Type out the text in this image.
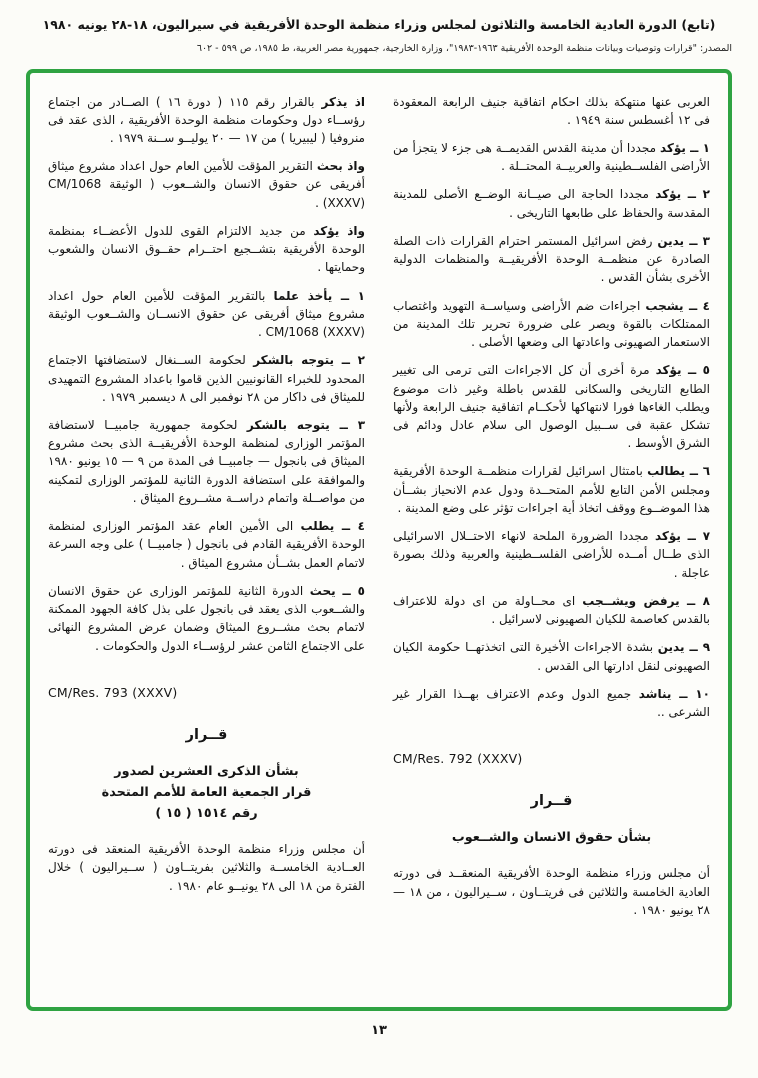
(تابع) الدورة العادية الخامسة والثلاثون لمجلس وزراء منظمة الوحدة الأفريقية في سيراليون، ١٨-٢٨ يونيه ١٩٨٠
المصدر: "قرارات وتوصيات وبيانات منظمة الوحدة الأفريقية ١٩٦٣-١٩٨٣"، وزارة الخارجية، جمهورية مصر العربية، ط ١٩٨٥، ص ٥٩٩ - ٦٠٢

العربى عنها منتهكة بذلك احكام اتفاقية جنيف الرابعة المعقودة فى ١٢ أغسطس سنة ١٩٤٩ .

١ ــ يؤكد مجددا أن مدينة القدس القديمــة هى جزء لا يتجزأ من الأراضى الفلســطينية والعربيــة المحتــلة .

٢ ــ يؤكد مجددا الحاجة الى صيــانة الوضــع الأصلى للمدينة المقدسة والحفاظ على طابعها التاريخى .

٣ ــ يدين رفض اسرائيل المستمر احترام القرارات ذات الصلة الصادرة عن منظمــة الوحدة الأفريقيــة والمنظمات الدولية الأخرى بشأن القدس .

٤ ــ يشجب اجراءات ضم الأراضى وسياســة التهويد واغتصاب الممتلكات بالقوة ويصر على ضرورة تحرير تلك المدينة من الاستعمار الصهيونى واعادتها الى وضعها الأصلى .

٥ ــ يؤكد مرة أخرى أن كل الاجراءات التى ترمى الى تغيير الطابع التاريخى والسكانى للقدس باطلة وغير ذات موضوع ويطلب الغاءها فورا لانتهاكها لأحكــام اتفاقية جنيف الرابعة ولأنها تشكل عقبة فى ســبيل الوصول الى سلام عادل ودائم فى الشرق الأوسط .

٦ ــ يطالب بامتثال اسرائيل لقرارات منظمــة الوحدة الأفريقية ومجلس الأمن التابع للأمم المتحــدة ودول عدم الانحياز بشــأن هذا الموضــوع ووقف اتخاذ أية اجراءات تؤثر على وضع المدينة .

٧ ــ يؤكد مجددا الضرورة الملحة لانهاء الاحتــلال الاسرائيلى الذى طــال أمــده للأراضى الفلســطينية والعربية وذلك بصورة عاجلة .

٨ ــ يرفض ويشــجب اى محــاولة من اى دولة للاعتراف بالقدس كعاصمة للكيان الصهيونى لاسرائيل .

٩ ــ يدين بشدة الاجراءات الأخيرة التى اتخذتهــا حكومة الكيان الصهيونى لنقل ادارتها الى القدس .

١٠ ــ يناشد جميع الدول وعدم الاعتراف بهــذا القرار غير الشرعى ..

CM/Res. 792 (XXXV)
قــرار
بشأن حقوق الانسان والشــعوب

أن مجلس وزراء منظمة الوحدة الأفريقية المنعقــد فى دورته العادية الخامسة والثلاثين فى فريتــاون ، ســيراليون ، من ١٨ — ٢٨ يونيو ١٩٨٠ .

اذ يذكر بالقرار رقم ١١٥ ( دورة ١٦ ) الصــادر من اجتماع رؤســاء دول وحكومات منظمة الوحدة الأفريقية ، الذى عقد فى منروفيا ( ليبيريا ) من ١٧ — ٢٠ يوليــو ســنة ١٩٧٩ .

واذ بحث التقرير المؤقت للأمين العام حول اعداد مشروع ميثاق أفريقى عن حقوق الانسان والشــعوب ( الوثيقة CM/1068 (XXXV) .

واذ يؤكد من جديد الالتزام القوى للدول الأعضــاء بمنظمة الوحدة الأفريقية بتشــجيع احتــرام حقــوق الانسان والشعوب وحمايتها .

١ ــ يأخذ علما بالتقرير المؤقت للأمين العام حول اعداد مشروع ميثاق أفريقى عن حقوق الانســان والشــعوب الوثيقة CM/1068 (XXXV) .

٢ ــ يتوجه بالشكر لحكومة الســنغال لاستضافتها الاجتماع المحدود للخبراء القانونيين الذين قاموا باعداد المشروع التمهيدى للميثاق فى داكار من ٢٨ نوفمبر الى ٨ ديسمبر ١٩٧٩ .

٣ ــ يتوجه بالشكر لحكومة جمهورية جامبيــا لاستضافة المؤتمر الوزارى لمنظمة الوحدة الأفريقيــة الذى بحث مشروع الميثاق فى بانجول — جامبيــا فى المدة من ٩ — ١٥ يونيو ١٩٨٠ والموافقة على استضافة الدورة الثانية للمؤتمر الوزارى لتمكينه من مواصــلة واتمام دراســة مشــروع الميثاق .

٤ ــ يطلب الى الأمين العام عقد المؤتمر الوزارى لمنظمة الوحدة الأفريقية القادم فى بانجول ( جامبيــا ) على وجه السرعة لاتمام العمل بشــأن مشروع الميثاق .

٥ ــ يحث الدورة الثانية للمؤتمر الوزارى عن حقوق الانسان والشــعوب الذى يعقد فى بانجول على بذل كافة الجهود الممكنة لاتمام بحث مشــروع الميثاق وضمان عرض المشروع النهائى على الاجتماع الثامن عشر لرؤســاء الدول والحكومات .

CM/Res. 793 (XXXV)
قــرار
بشأن الذكرى العشرين لصدور
قرار الجمعية العامة للأمم المتحدة
رقم ١٥١٤ ( ١٥ )

أن مجلس وزراء منظمة الوحدة الأفريقية المنعقد فى دورته العــادية الخامســة والثلاثين بفريتــاون ( ســيراليون ) خلال الفترة من ١٨ الى ٢٨ يونيــو عام ١٩٨٠ .

١٣
